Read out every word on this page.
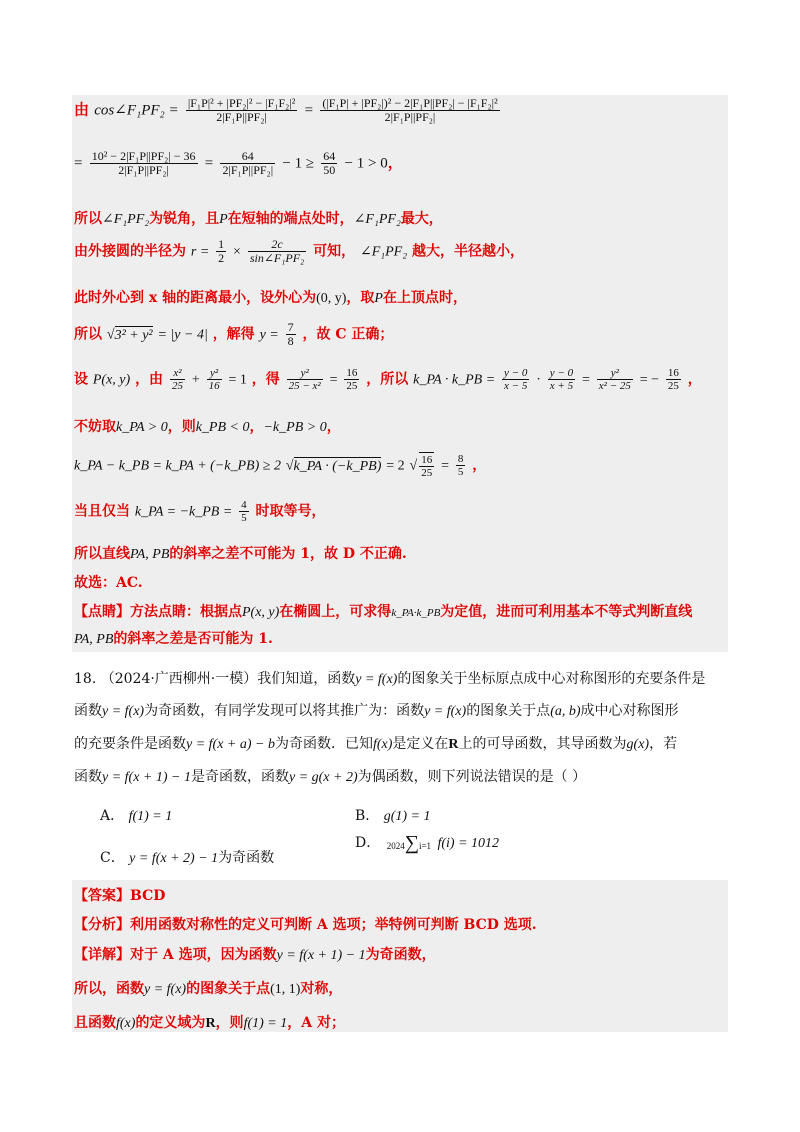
由 cos∠F₁PF₂ = $\frac{\text{|F₁P|² + |PF₂|² − |F₁F₂|²}}{\text{2|F₁P||PF₂|}} = \frac{\text{(|F₁P| + |PF₂|)² − 2|F₁P||PF₂| − |F₁F₂|²}}{\text{2|F₁P||PF₂|}}$
= $\frac{\text{10² − 2|F₁P||PF₂| − 36}}{\text{2|F₁P||PF₂|}} = \frac{64}{\text{2|F₁P||PF₂|}} - 1 \ge \frac{64}{50} - 1 > 0$，
所以∠F₁PF₂为锐角，且P在短轴的端点处时，∠F₁PF₂最大，
由外接圆的半径为 $r = \frac{1}{2} \times \frac{2c}{\text{sin∠F₁PF₂}}$ 可知， ∠F₁PF₂ 越大，半径越小，
此时外心到 x 轴的距离最小，设外心为(0, y)，取P在上顶点时，
所以 √3² + y² = |y − 4| ，解得 $y = \frac{7}{8}$ ，故 C 正确；
设 P(x, y) ，由 $\frac{\text{x²}}{25} + \frac{\text{y²}}{16} = 1$ ，得 $\frac{\text{y²}}{\text{25 − x²}} = \frac{16}{25}$ ，所以 k_PA · k_PB = $\frac{y - 0}{x - 5} \cdot \frac{y - 0}{x + 5} = \frac{\text{y²}}{\text{x² − 25}}$ = − $\frac{16}{25}$ ，
不妨取k_PA > 0，则k_PB < 0，−k_PB > 0，
k_PA − k_PB = k_PA + (−k_PB) ≥ 2 √k_PA · (−k_PB) = 2 √ $\frac{16}{25} = \frac{8}{5}$ ，
当且仅当 k_PA = −k_PB = $\frac{4}{5}$ 时取等号，
所以直线PA, PB的斜率之差不可能为 1，故 D 不正确.
故选：AC.
【点睛】方法点睛：根据点P(x, y)在椭圆上，可求得k_PA·k_PB为定值，进而可利用基本不等式判断直线
PA, PB的斜率之差是否可能为 1.
18. （2024·广西柳州·一模）我们知道，函数y = f(x)的图象关于坐标原点成中心对称图形的充要条件是
函数y = f(x)为奇函数，有同学发现可以将其推广为：函数y = f(x)的图象关于点(a, b)成中心对称图形
的充要条件是函数y = f(x + a) − b为奇函数．已知f(x)是定义在R上的可导函数，其导函数为g(x)，若
函数y = f(x + 1) − 1是奇函数，函数y = g(x + 2)为偶函数，则下列说法错误的是（ ）
A． f(1) = 1	B． g(1) = 1
C． y = f(x + 2) − 1为奇函数
D． 2024∑i=1 f(i) = 1012
【答案】BCD
【分析】利用函数对称性的定义可判断 A 选项；举特例可判断 BCD 选项.
【详解】对于 A 选项，因为函数y = f(x + 1) − 1为奇函数，
所以，函数y = f(x)的图象关于点(1, 1)对称，
且函数f(x)的定义域为R，则f(1) = 1，A 对；
